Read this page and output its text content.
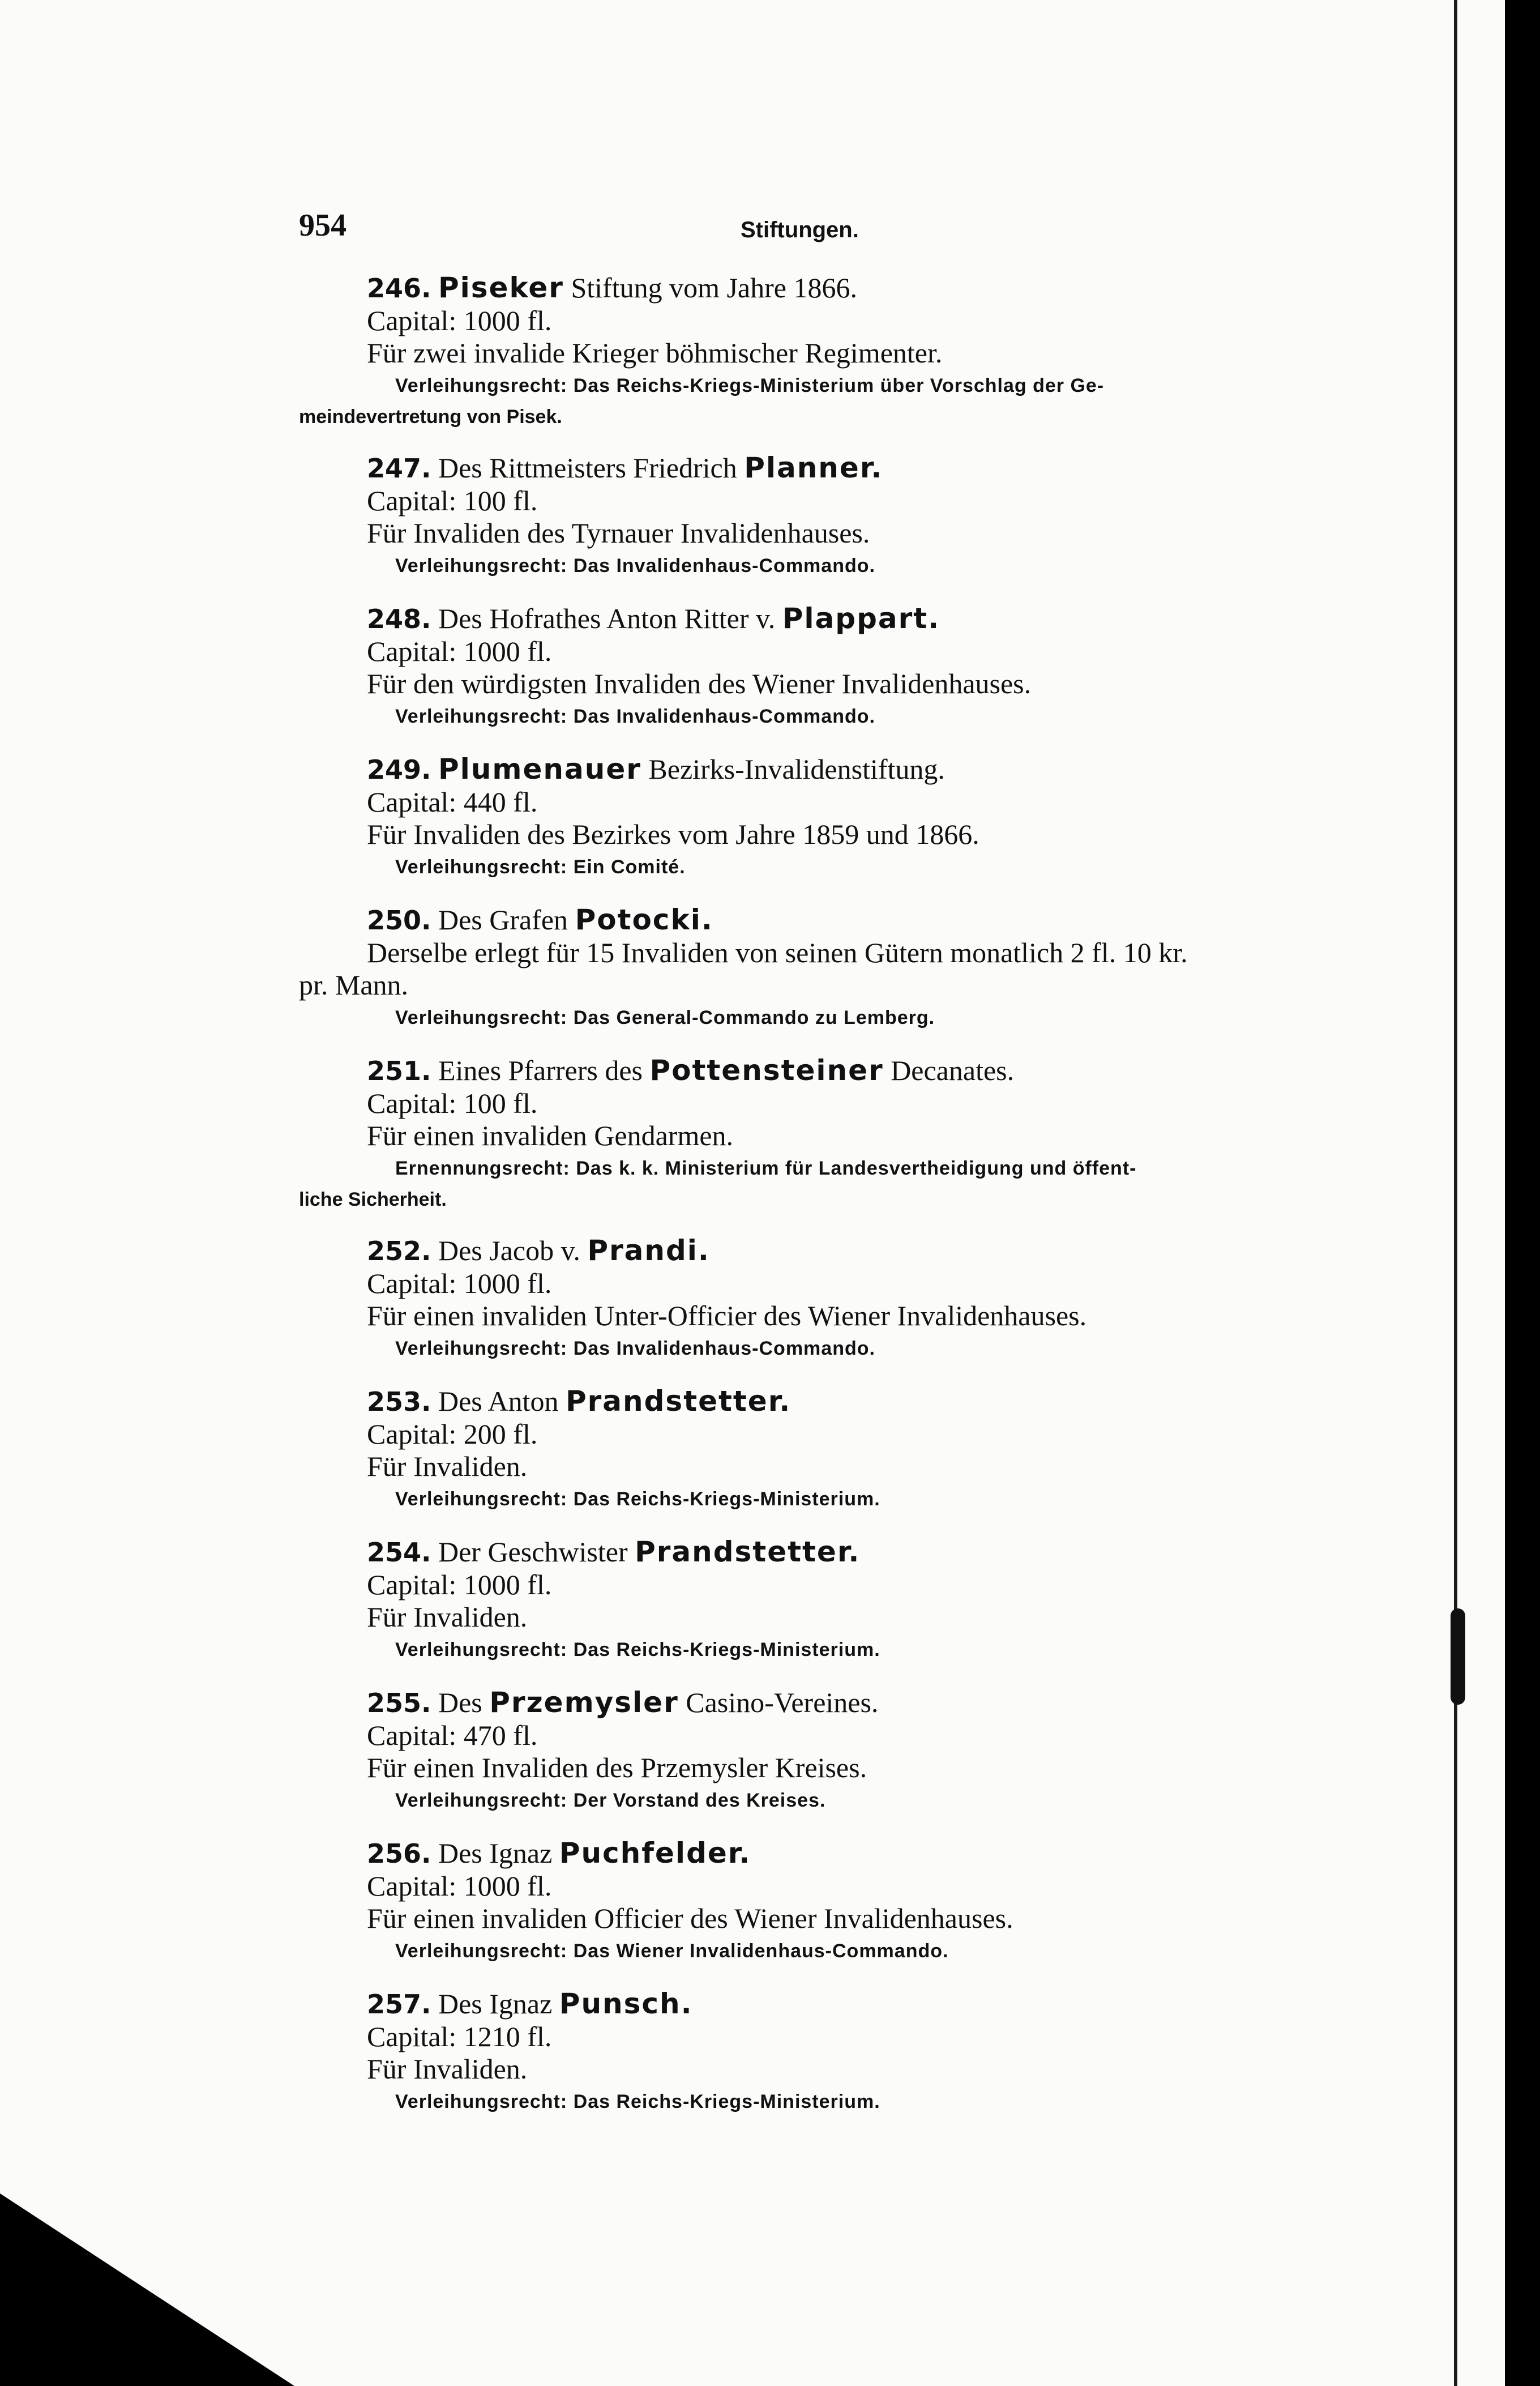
954	Stiftungen.
246. Piseker Stiftung vom Jahre 1866.
Capital: 1000 fl.
Für zwei invalide Krieger böhmischer Regimenter.
Verleihungsrecht: Das Reichs-Kriegs-Ministerium über Vorschlag der Ge-
meindevertretung von Pisek.
247. Des Rittmeisters Friedrich Planner.
Capital: 100 fl.
Für Invaliden des Tyrnauer Invalidenhauses.
Verleihungsrecht: Das Invalidenhaus-Commando.
248. Des Hofrathes Anton Ritter v. Plappart.
Capital: 1000 fl.
Für den würdigsten Invaliden des Wiener Invalidenhauses.
Verleihungsrecht: Das Invalidenhaus-Commando.
249. Plumenauer Bezirks-Invalidenstiftung.
Capital: 440 fl.
Für Invaliden des Bezirkes vom Jahre 1859 und 1866.
Verleihungsrecht: Ein Comité.
250. Des Grafen Potocki.
Derselbe erlegt für 15 Invaliden von seinen Gütern monatlich 2 fl. 10 kr.
pr. Mann.
Verleihungsrecht: Das General-Commando zu Lemberg.
251. Eines Pfarrers des Pottensteiner Decanates.
Capital: 100 fl.
Für einen invaliden Gendarmen.
Ernennungsrecht: Das k. k. Ministerium für Landesvertheidigung und öffent-
liche Sicherheit.
252. Des Jacob v. Prandi.
Capital: 1000 fl.
Für einen invaliden Unter-Officier des Wiener Invalidenhauses.
Verleihungsrecht: Das Invalidenhaus-Commando.
253. Des Anton Prandstetter.
Capital: 200 fl.
Für Invaliden.
Verleihungsrecht: Das Reichs-Kriegs-Ministerium.
254. Der Geschwister Prandstetter.
Capital: 1000 fl.
Für Invaliden.
Verleihungsrecht: Das Reichs-Kriegs-Ministerium.
255. Des Przemysler Casino-Vereines.
Capital: 470 fl.
Für einen Invaliden des Przemysler Kreises.
Verleihungsrecht: Der Vorstand des Kreises.
256. Des Ignaz Puchfelder.
Capital: 1000 fl.
Für einen invaliden Officier des Wiener Invalidenhauses.
Verleihungsrecht: Das Wiener Invalidenhaus-Commando.
257. Des Ignaz Punsch.
Capital: 1210 fl.
Für Invaliden.
Verleihungsrecht: Das Reichs-Kriegs-Ministerium.
